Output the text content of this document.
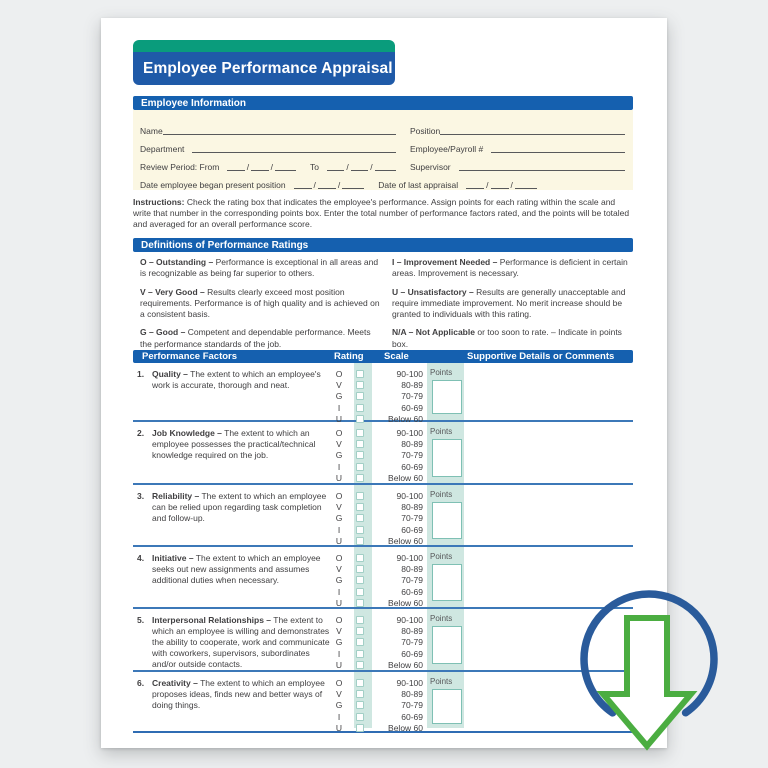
Employee Performance Appraisal
Employee Information
Name	Position
Department	Employee/Payroll #
Review Period: From	/	/	To	/	/	Supervisor
Date employee began present position	/	/	Date of last appraisal	/	/

Instructions: Check the rating box that indicates the employee's performance. Assign points for each rating within the scale and write that number in the corresponding points box. Enter the total number of performance factors rated, and the points will be totaled and averaged for an overall performance score.

Definitions of Performance Ratings

O – Outstanding – Performance is exceptional in all areas and is recognizable as being far superior to others.

V – Very Good – Results clearly exceed most position requirements. Performance is of high quality and is achieved on a consistent basis.

G – Good – Competent and dependable performance. Meets the performance standards of the job.

I – Improvement Needed – Performance is deficient in certain areas. Improvement is necessary.

U – Unsatisfactory – Results are generally unacceptable and require immediate improvement. No merit increase should be granted to individuals with this rating.

N/A – Not Applicable or too soon to rate. – Indicate in points box.

Performance Factors	Rating Scale	Supportive Details or Comments
1. Quality – The extent to which an employee's work is accurate, thorough and neat.

O	90-100
V	80-89
G	70-79
I	60-69
U	Below 60
Points
2. Job Knowledge – The extent to which an employee possesses the practical/technical knowledge required on the job.

O	90-100
V	80-89
G	70-79
I	60-69
U	Below 60
Points
3. Reliability – The extent to which an employee can be relied upon regarding task completion and follow-up.

O	90-100
V	80-89
G	70-79
I	60-69
U	Below 60
Points
4. Initiative – The extent to which an employee seeks out new assignments and assumes additional duties when necessary.

O	90-100
V	80-89
G	70-79
I	60-69
U	Below 60
Points
5. Interpersonal Relationships – The extent to which an employee is willing and demonstrates the ability to cooperate, work and communicate with coworkers, supervisors, subordinates and/or outside contacts.

O	90-100
V	80-89
G	70-79
I	60-69
U	Below 60
Points
6. Creativity – The extent to which an employee proposes ideas, finds new and better ways of doing things.

O	90-100
V	80-89
G	70-79
I	60-69
U	Below 60
Points
